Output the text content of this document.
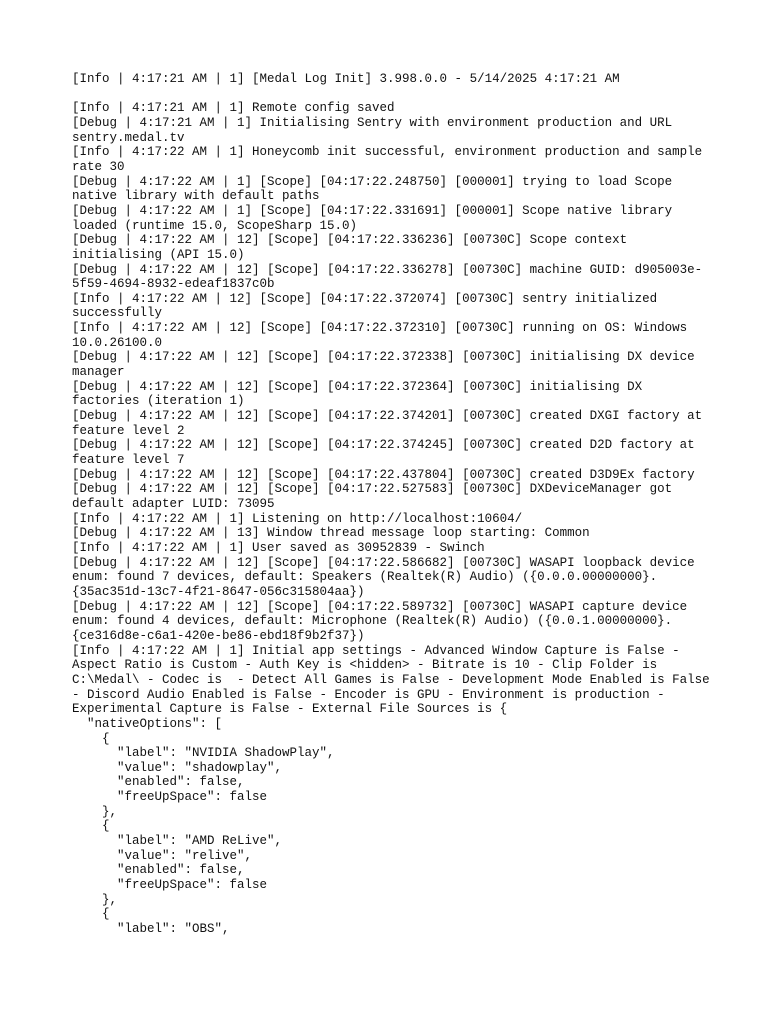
[Info | 4:17:21 AM | 1] [Medal Log Init] 3.998.0.0 - 5/14/2025 4:17:21 AM

[Info | 4:17:21 AM | 1] Remote config saved

[Debug | 4:17:21 AM | 1] Initialising Sentry with environment production and URL sentry.medal.tv

[Info | 4:17:22 AM | 1] Honeycomb init successful, environment production and sample rate 30

[Debug | 4:17:22 AM | 1] [Scope] [04:17:22.248750] [000001] trying to load Scope native library with default paths

[Debug | 4:17:22 AM | 1] [Scope] [04:17:22.331691] [000001] Scope native library loaded (runtime 15.0, ScopeSharp 15.0)

[Debug | 4:17:22 AM | 12] [Scope] [04:17:22.336236] [00730C] Scope context initialising (API 15.0)

[Debug | 4:17:22 AM | 12] [Scope] [04:17:22.336278] [00730C] machine GUID: d905003e-5f59-4694-8932-edeaf1837c0b

[Info | 4:17:22 AM | 12] [Scope] [04:17:22.372074] [00730C] sentry initialized successfully

[Info | 4:17:22 AM | 12] [Scope] [04:17:22.372310] [00730C] running on OS: Windows 10.0.26100.0

[Debug | 4:17:22 AM | 12] [Scope] [04:17:22.372338] [00730C] initialising DX device manager

[Debug | 4:17:22 AM | 12] [Scope] [04:17:22.372364] [00730C] initialising DX factories (iteration 1)

[Debug | 4:17:22 AM | 12] [Scope] [04:17:22.374201] [00730C] created DXGI factory at feature level 2

[Debug | 4:17:22 AM | 12] [Scope] [04:17:22.374245] [00730C] created D2D factory at feature level 7

[Debug | 4:17:22 AM | 12] [Scope] [04:17:22.437804] [00730C] created D3D9Ex factory

[Debug | 4:17:22 AM | 12] [Scope] [04:17:22.527583] [00730C] DXDeviceManager got default adapter LUID: 73095

[Info | 4:17:22 AM | 1] Listening on http://localhost:10604/

[Debug | 4:17:22 AM | 13] Window thread message loop starting: Common

[Info | 4:17:22 AM | 1] User saved as 30952839 - Swinch

[Debug | 4:17:22 AM | 12] [Scope] [04:17:22.586682] [00730C] WASAPI loopback device enum: found 7 devices, default: Speakers (Realtek(R) Audio) ({0.0.0.00000000}.{35ac351d-13c7-4f21-8647-056c315804aa})

[Debug | 4:17:22 AM | 12] [Scope] [04:17:22.589732] [00730C] WASAPI capture device enum: found 4 devices, default: Microphone (Realtek(R) Audio) ({0.0.1.00000000}.{ce316d8e-c6a1-420e-be86-ebd18f9b2f37})

[Info | 4:17:22 AM | 1] Initial app settings - Advanced Window Capture is False - Aspect Ratio is Custom - Auth Key is <hidden> - Bitrate is 10 - Clip Folder is C:\Medal\ - Codec is  - Detect All Games is False - Development Mode Enabled is False - Discord Audio Enabled is False - Encoder is GPU - Environment is production - Experimental Capture is False - External File Sources is {

"nativeOptions": [

{

"label": "NVIDIA ShadowPlay",

"value": "shadowplay",

"enabled": false,

"freeUpSpace": false

},

{

"label": "AMD ReLive",

"value": "relive",

"enabled": false,

"freeUpSpace": false

},

{

"label": "OBS",
